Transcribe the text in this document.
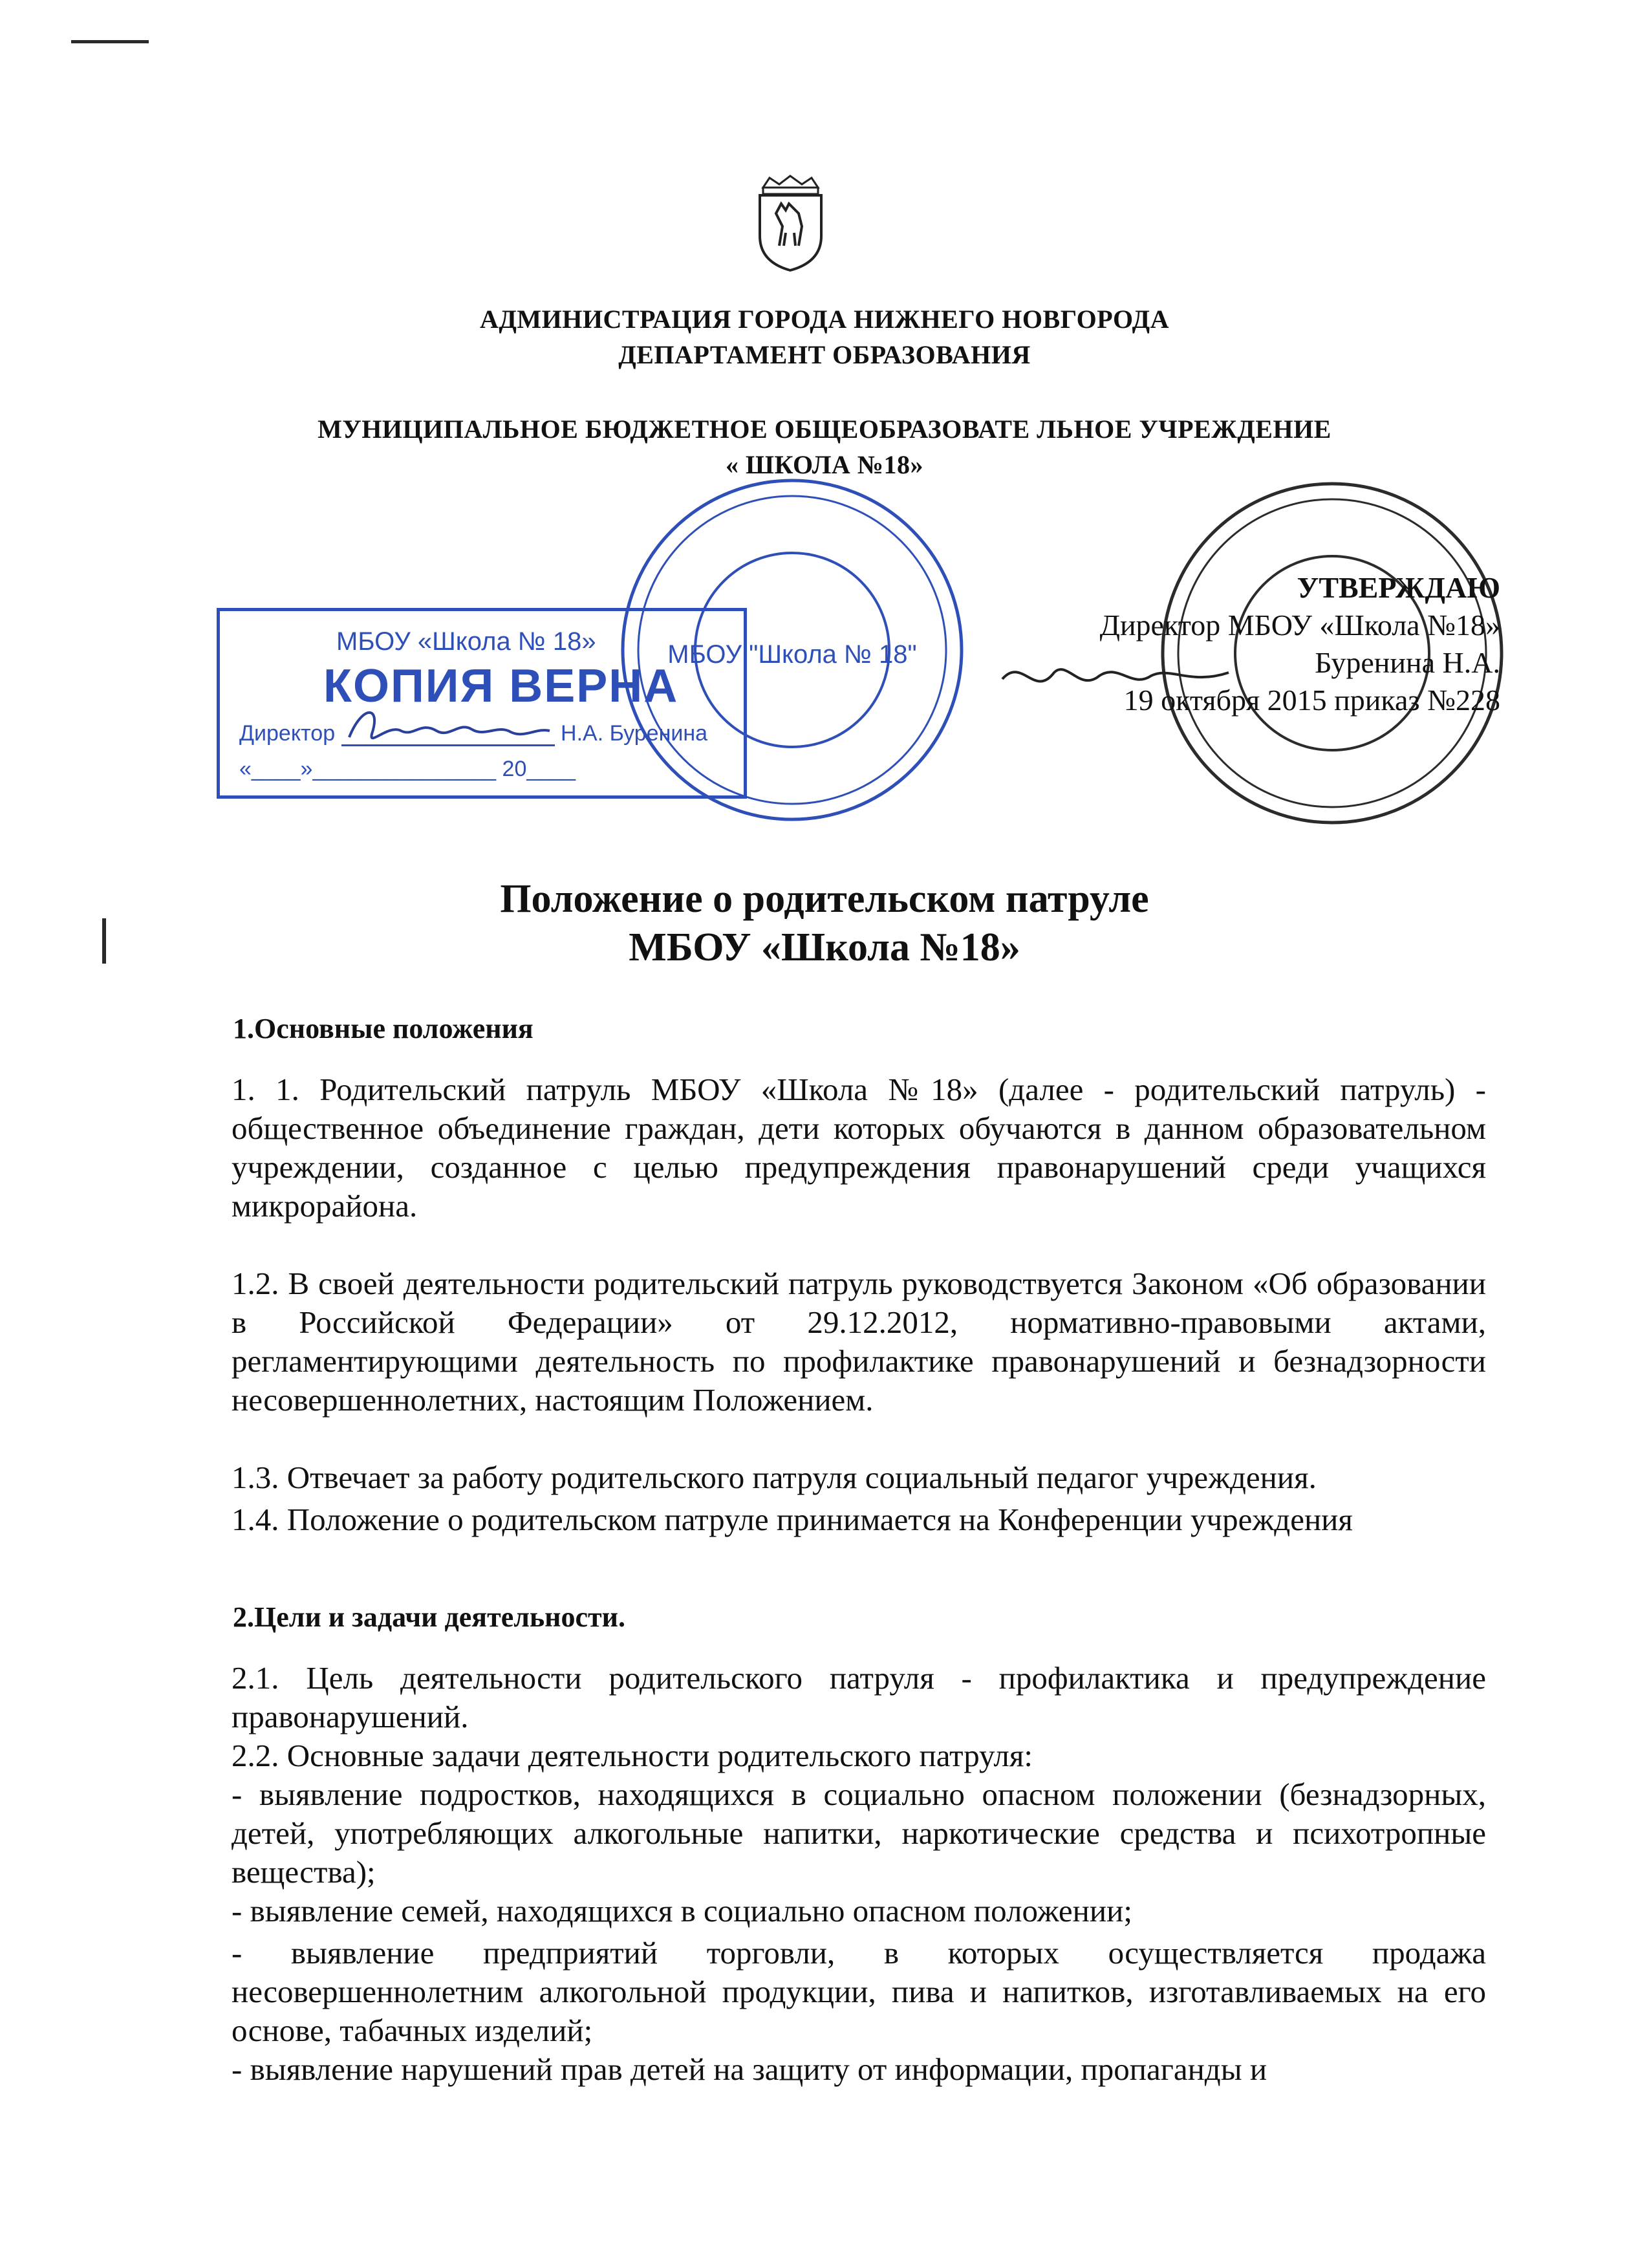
АДМИНИСТРАЦИЯ ГОРОДА НИЖНЕГО НОВГОРОДА
ДЕПАРТАМЕНТ ОБРАЗОВАНИЯ
МУНИЦИПАЛЬНОЕ БЮДЖЕТНОЕ ОБЩЕОБРАЗОВАТЕ ЛЬНОЕ УЧРЕЖДЕНИЕ
« ШКОЛА №18»
МБОУ "Школа № 18"
МБОУ «Школа № 18»
КОПИЯ ВЕРНА
Директор	Н.А. Буренина
«____»_______________ 20____
УТВЕРЖДАЮ
Директор МБОУ «Школа №18»
Буренина Н.А.
19 октября 2015 приказ №228
Положение о родительском патруле
МБОУ «Школа №18»
1.Основные положения
1. 1. Родительский патруль МБОУ «Школа №18» (далее - родительский патруль) - общественное объединение граждан, дети которых обучаются в данном образовательном учреждении, созданное с целью предупреждения правонарушений среди учащихся микрорайона.
1.2. В своей деятельности родительский патруль руководствуется Законом «Об образовании в Российской Федерации» от 29.12.2012, нормативно-правовыми актами, регламентирующими деятельность по профилактике правонарушений и безнадзорности несовершеннолетних, настоящим Положением.
1.3. Отвечает за работу родительского патруля социальный педагог учреждения.
1.4. Положение о родительском патруле принимается на Конференции учреждения
2.Цели и задачи деятельности.
2.1. Цель деятельности родительского патруля - профилактика и предупреждение правонарушений.
2.2. Основные задачи деятельности родительского патруля:
- выявление подростков, находящихся в социально опасном положении (безнадзорных, детей, употребляющих алкогольные напитки, наркотические средства и психотропные вещества);
- выявление семей, находящихся в социально опасном положении;
- выявление предприятий торговли, в которых осуществляется продажа несовершеннолетним алкогольной продукции, пива и напитков, изготавливаемых на его основе, табачных изделий;
- выявление нарушений прав детей на защиту от информации, пропаганды и
